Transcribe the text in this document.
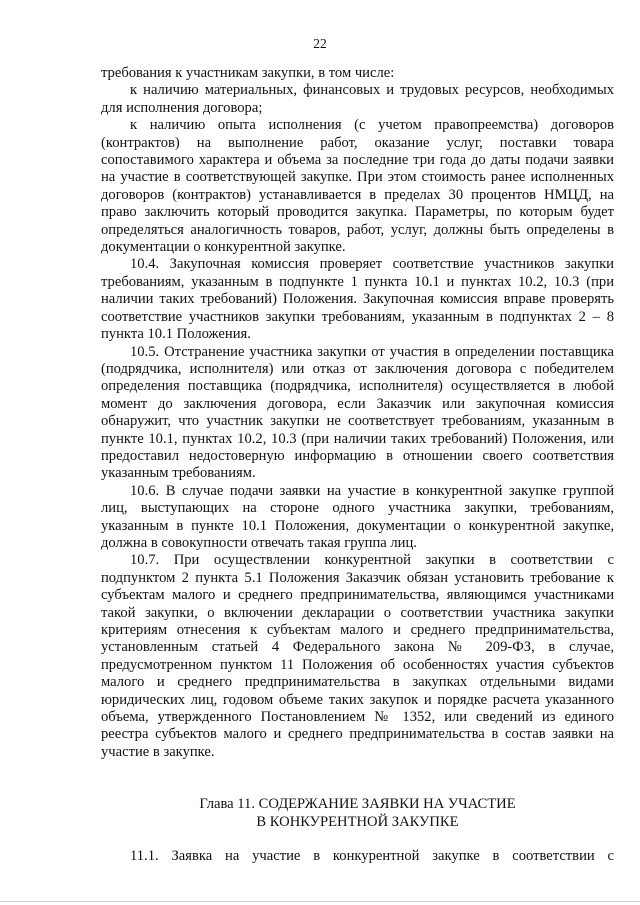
22

требования к участникам закупки, в том числе:

к наличию материальных, финансовых и трудовых ресурсов, необходимых для исполнения договора;

к наличию опыта исполнения (с учетом правопреемства) договоров (контрактов) на выполнение работ, оказание услуг, поставки товара сопоставимого характера и объема за последние три года до даты подачи заявки на участие в соответствующей закупке. При этом стоимость ранее исполненных договоров (контрактов) устанавливается в пределах 30 процентов НМЦД, на право заключить который проводится закупка. Параметры, по которым будет определяться аналогичность товаров, работ, услуг, должны быть определены в документации о конкурентной закупке.

10.4. Закупочная комиссия проверяет соответствие участников закупки требованиям, указанным в подпункте 1 пункта 10.1 и пунктах 10.2, 10.3 (при наличии таких требований) Положения. Закупочная комиссия вправе проверять соответствие участников закупки требованиям, указанным в подпунктах 2 – 8 пункта 10.1 Положения.

10.5. Отстранение участника закупки от участия в определении поставщика (подрядчика, исполнителя) или отказ от заключения договора с победителем определения поставщика (подрядчика, исполнителя) осуществляется в любой момент до заключения договора, если Заказчик или закупочная комиссия обнаружит, что участник закупки не соответствует требованиям, указанным в пункте 10.1, пунктах 10.2, 10.3 (при наличии таких требований) Положения, или предоставил недостоверную информацию в отношении своего соответствия указанным требованиям.

10.6. В случае подачи заявки на участие в конкурентной закупке группой лиц, выступающих на стороне одного участника закупки, требованиям, указанным в пункте 10.1 Положения, документации о конкурентной закупке, должна в совокупности отвечать такая группа лиц.

10.7. При осуществлении конкурентной закупки в соответствии с подпунктом 2 пункта 5.1 Положения Заказчик обязан установить требование к субъектам малого и среднего предпринимательства, являющимся участниками такой закупки, о включении декларации о соответствии участника закупки критериям отнесения к субъектам малого и среднего предпринимательства, установленным статьей 4 Федерального закона № 209-ФЗ, в случае, предусмотренном пунктом 11 Положения об особенностях участия субъектов малого и среднего предпринимательства в закупках отдельными видами юридических лиц, годовом объеме таких закупок и порядке расчета указанного объема, утвержденного Постановлением № 1352, или сведений из единого реестра субъектов малого и среднего предпринимательства в состав заявки на участие в закупке.

Глава 11. СОДЕРЖАНИЕ ЗАЯВКИ НА УЧАСТИЕ
В КОНКУРЕНТНОЙ ЗАКУПКЕ

11.1. Заявка на участие в конкурентной закупке в соответствии с
